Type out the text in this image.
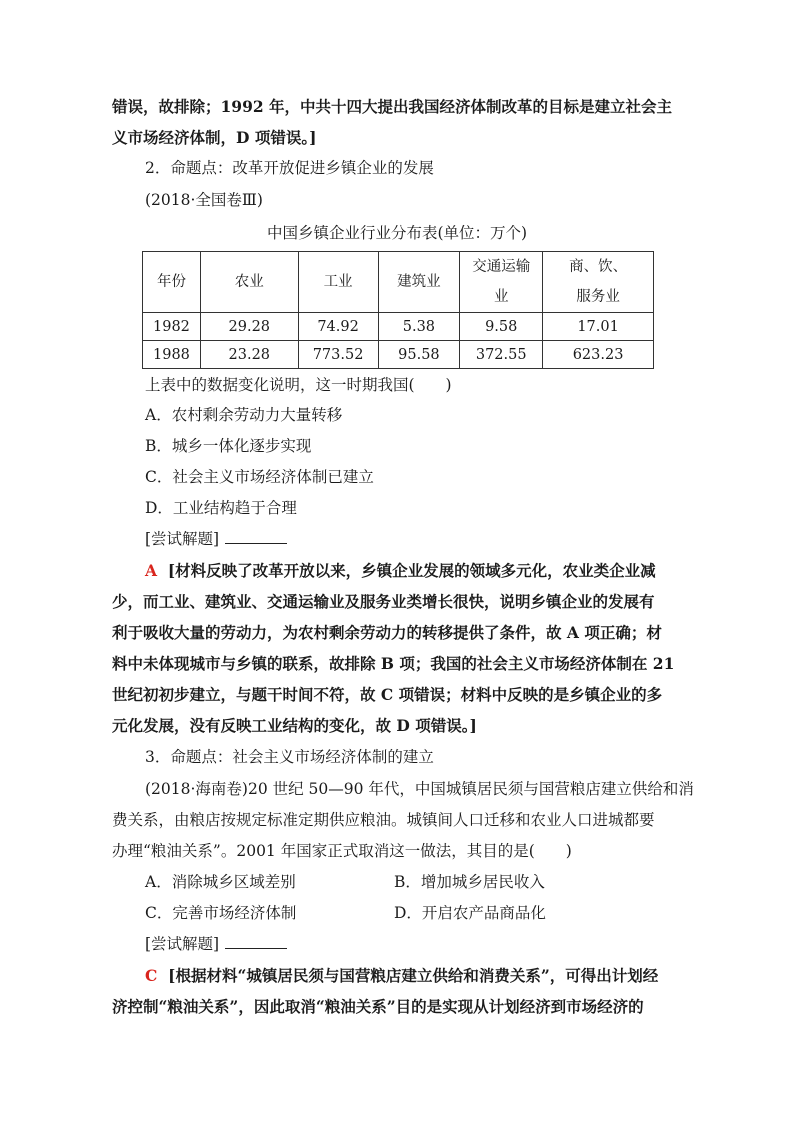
错误，故排除；1992 年，中共十四大提出我国经济体制改革的目标是建立社会主
义市场经济体制，D 项错误。]
2．命题点：改革开放促进乡镇企业的发展
(2018·全国卷Ⅲ)
中国乡镇企业行业分布表(单位：万个)
年份	农业	工业	建筑业	交通运输业	商、饮、服务业
1982	29.28	74.92	5.38	9.58	17.01
1988	23.28	773.52	95.58	372.55	623.23
上表中的数据变化说明，这一时期我国(　　)
A．农村剩余劳动力大量转移
B．城乡一体化逐步实现
C．社会主义市场经济体制已建立
D．工业结构趋于合理
[尝试解题]
A [材料反映了改革开放以来，乡镇企业发展的领域多元化，农业类企业减
少，而工业、建筑业、交通运输业及服务业类增长很快，说明乡镇企业的发展有
利于吸收大量的劳动力，为农村剩余劳动力的转移提供了条件，故 A 项正确；材
料中未体现城市与乡镇的联系，故排除 B 项；我国的社会主义市场经济体制在 21
世纪初初步建立，与题干时间不符，故 C 项错误；材料中反映的是乡镇企业的多
元化发展，没有反映工业结构的变化，故 D 项错误。]
3．命题点：社会主义市场经济体制的建立
(2018·海南卷)20 世纪 50—90 年代，中国城镇居民须与国营粮店建立供给和消
费关系，由粮店按规定标准定期供应粮油。城镇间人口迁移和农业人口进城都要
办理“粮油关系”。2001 年国家正式取消这一做法，其目的是(　　)
A．消除城乡区域差别	B．增加城乡居民收入
C．完善市场经济体制	D．开启农产品商品化
[尝试解题]
C [根据材料“城镇居民须与国营粮店建立供给和消费关系”，可得出计划经
济控制“粮油关系”，因此取消“粮油关系”目的是实现从计划经济到市场经济的
